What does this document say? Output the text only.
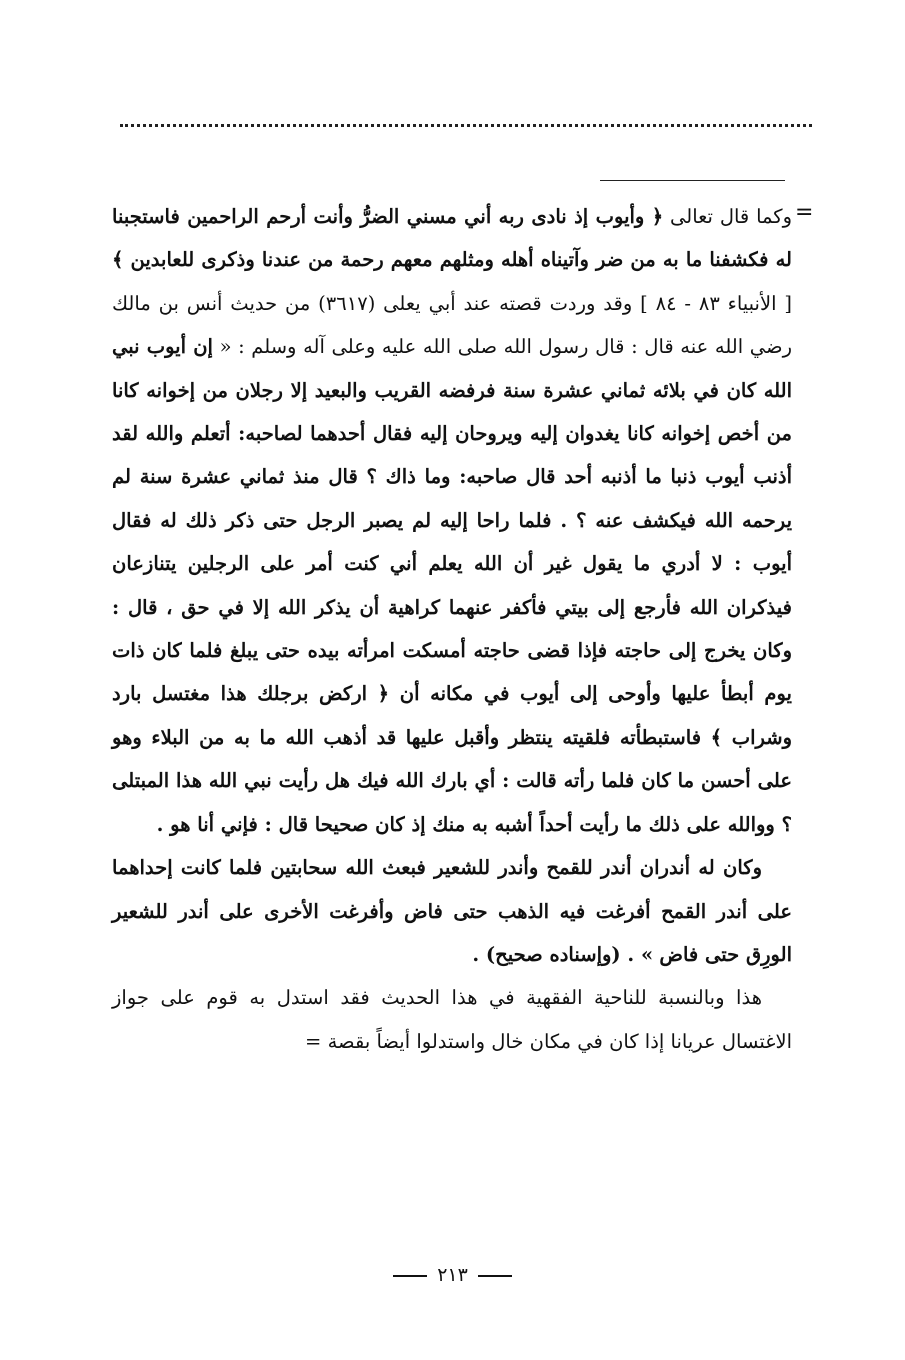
=

وكما قال تعالى ﴿ وأيوب إذ نادى ربه أني مسني الضرُّ وأنت أرحم الراحمين فاستجبنا له فكشفنا ما به من ضر وآتيناه أهله ومثلهم معهم رحمة من عندنا وذكرى للعابدين ﴾ [ الأنبياء ٨٣ - ٨٤ ] وقد وردت قصته عند أبي يعلى (٣٦١٧) من حديث أنس بن مالك رضي الله عنه قال : قال رسول الله صلى الله عليه وعلى آله وسلم : « إن أيوب نبي الله كان في بلائه ثماني عشرة سنة فرفضه القريب والبعيد إلا رجلان من إخوانه كانا من أخص إخوانه كانا يغدوان إليه ويروحان إليه فقال أحدهما لصاحبه: أتعلم والله لقد أذنب أيوب ذنبا ما أذنبه أحد قال صاحبه: وما ذاك ؟ قال منذ ثماني عشرة سنة لم يرحمه الله فيكشف عنه ؟ . فلما راحا إليه لم يصبر الرجل حتى ذكر ذلك له فقال أيوب : لا أدري ما يقول غير أن الله يعلم أني كنت أمر على الرجلين يتنازعان فيذكران الله فأرجع إلى بيتي فأكفر عنهما كراهية أن يذكر الله إلا في حق ، قال : وكان يخرج إلى حاجته فإذا قضى حاجته أمسكت امرأته بيده حتى يبلغ فلما كان ذات يوم أبطأ عليها وأوحى إلى أيوب في مكانه أن ﴿ اركض برجلك هذا مغتسل بارد وشراب ﴾ فاستبطأته فلقيته ينتظر وأقبل عليها قد أذهب الله ما به من البلاء وهو على أحسن ما كان فلما رأته قالت : أي بارك الله فيك هل رأيت نبي الله هذا المبتلى ؟ ووالله على ذلك ما رأيت أحداً أشبه به منك إذ كان صحيحا قال : فإني أنا هو .

وكان له أندران أندر للقمح وأندر للشعير فبعث الله سحابتين فلما كانت إحداهما على أندر القمح أفرغت فيه الذهب حتى فاض وأفرغت الأخرى على أندر للشعير الورِق حتى فاض » . (وإسناده صحيح) .

هذا وبالنسبة للناحية الفقهية في هذا الحديث فقد استدل به قوم على جواز الاغتسال عريانا إذا كان في مكان خال واستدلوا أيضاً بقصة =

٢١٣
